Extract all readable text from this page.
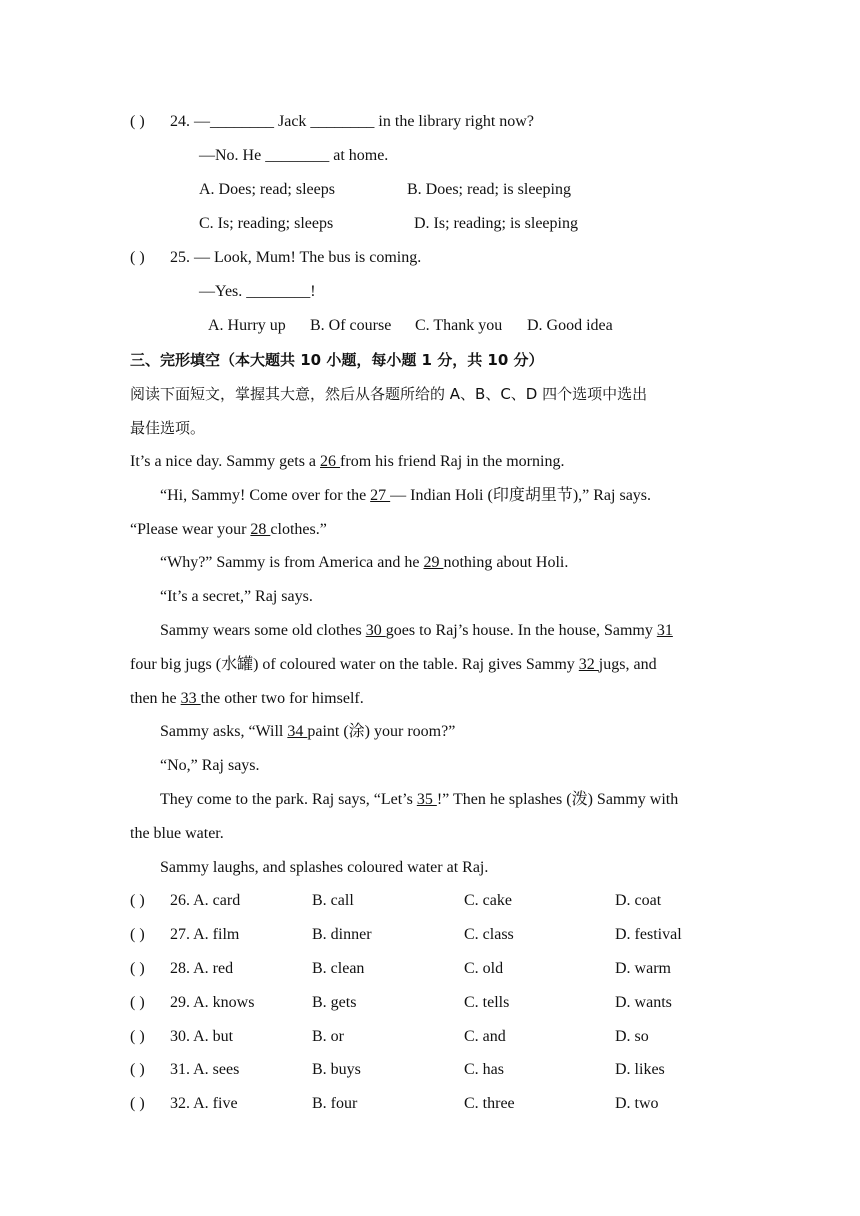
( ) 24. —________ Jack ________ in the library right now?
—No. He ________ at home.
A. Does; read; sleeps	B. Does; read; is sleeping
C. Is; reading; sleeps	D. Is; reading; is sleeping
( ) 25. — Look, Mum! The bus is coming.
—Yes. ________!
A. Hurry up B. Of course C. Thank you D. Good idea
三、完形填空（本大题共 10 小题，每小题 1 分，共 10 分）
阅读下面短文，掌握其大意，然后从各题所给的 A、B、C、D 四个选项中选出
最佳选项。
It’s a nice day. Sammy gets a 26 from his friend Raj in the morning.
“Hi, Sammy! Come over for the 27 — Indian Holi (印度胡里节),” Raj says.
“Please wear your 28 clothes.”
“Why?” Sammy is from America and he 29 nothing about Holi.
“It’s a secret,” Raj says.
Sammy wears some old clothes 30 goes to Raj’s house. In the house, Sammy 31
four big jugs (水罐) of coloured water on the table. Raj gives Sammy 32 jugs, and
then he 33 the other two for himself.
Sammy asks, “Will 34 paint (涂) your room?”
“No,” Raj says.
They come to the park. Raj says, “Let’s 35 !” Then he splashes (泼) Sammy with
the blue water.
Sammy laughs, and splashes coloured water at Raj.
( ) 26. A. card	B. call	C. cake	D. coat
( ) 27. A. film	B. dinner	C. class	D. festival
( ) 28. A. red	B. clean	C. old	D. warm
( ) 29. A. knows	B. gets	C. tells	D. wants
( ) 30. A. but	B. or	C. and	D. so
( ) 31. A. sees	B. buys	C. has	D. likes
( ) 32. A. five	B. four	C. three	D. two
